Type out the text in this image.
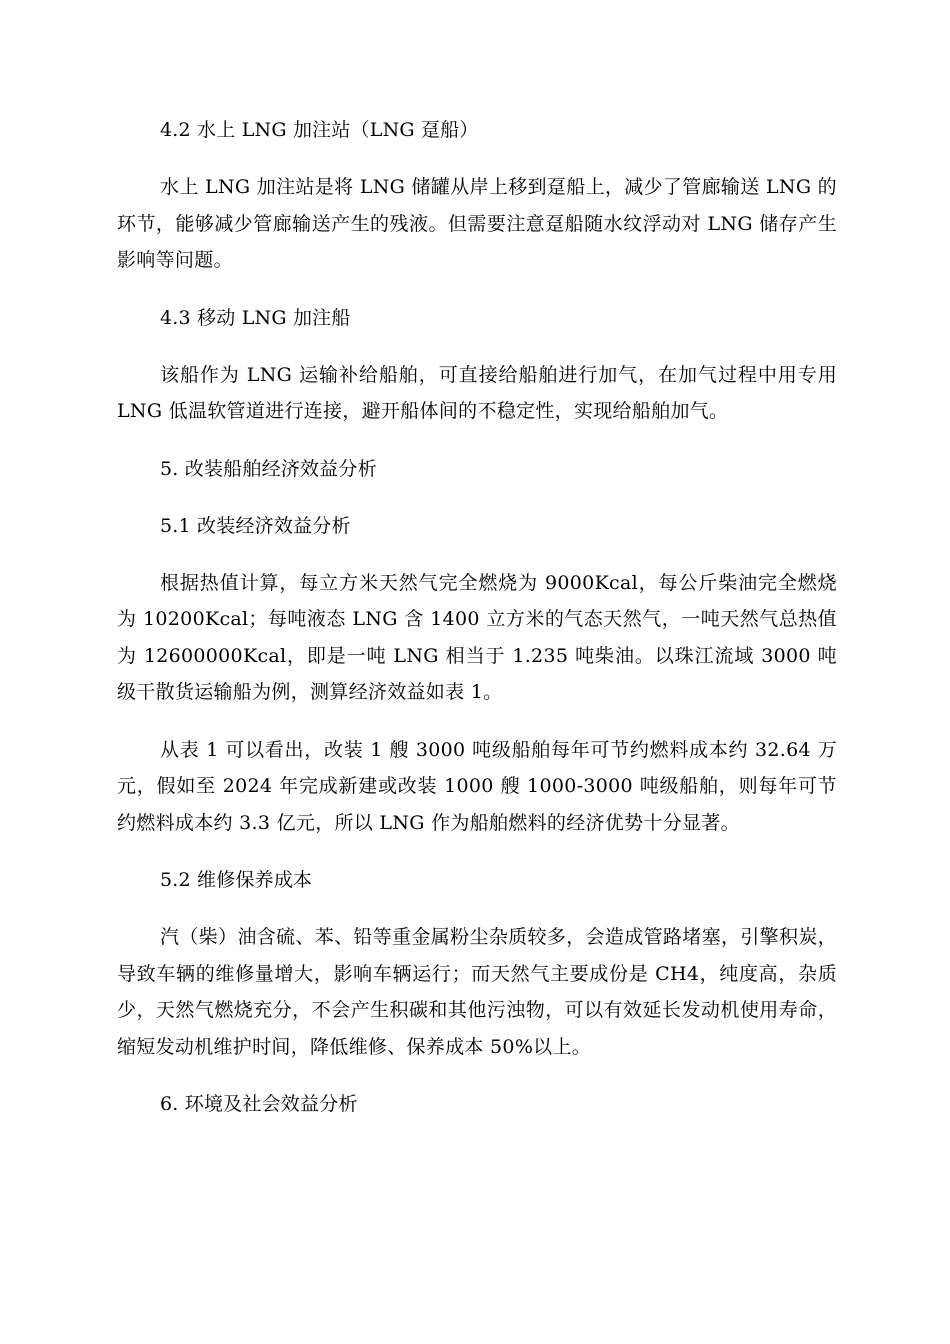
4.2 水上 LNG 加注站（LNG 趸船）

水上 LNG 加注站是将 LNG 储罐从岸上移到趸船上，减少了管廊输送 LNG 的环节，能够减少管廊输送产生的残液。但需要注意趸船随水纹浮动对 LNG 储存产生影响等问题。

4.3 移动 LNG 加注船

该船作为 LNG 运输补给船舶，可直接给船舶进行加气，在加气过程中用专用 LNG 低温软管道进行连接，避开船体间的不稳定性，实现给船舶加气。

5. 改装船舶经济效益分析
5.1 改装经济效益分析

根据热值计算，每立方米天然气完全燃烧为 9000Kcal，每公斤柴油完全燃烧为 10200Kcal；每吨液态 LNG 含 1400 立方米的气态天然气，一吨天然气总热值为 12600000Kcal，即是一吨 LNG 相当于 1.235 吨柴油。以珠江流域 3000 吨级干散货运输船为例，测算经济效益如表 1。

从表 1 可以看出，改装 1 艘 3000 吨级船舶每年可节约燃料成本约 32.64 万元，假如至 2024 年完成新建或改装 1000 艘 1000-3000 吨级船舶，则每年可节约燃料成本约 3.3 亿元，所以 LNG 作为船舶燃料的经济优势十分显著。

5.2 维修保养成本

汽（柴）油含硫、苯、铅等重金属粉尘杂质较多，会造成管路堵塞，引擎积炭，导致车辆的维修量增大，影响车辆运行；而天然气主要成份是 CH4，纯度高，杂质少，天然气燃烧充分，不会产生积碳和其他污浊物，可以有效延长发动机使用寿命，缩短发动机维护时间，降低维修、保养成本 50%以上。

6. 环境及社会效益分析
